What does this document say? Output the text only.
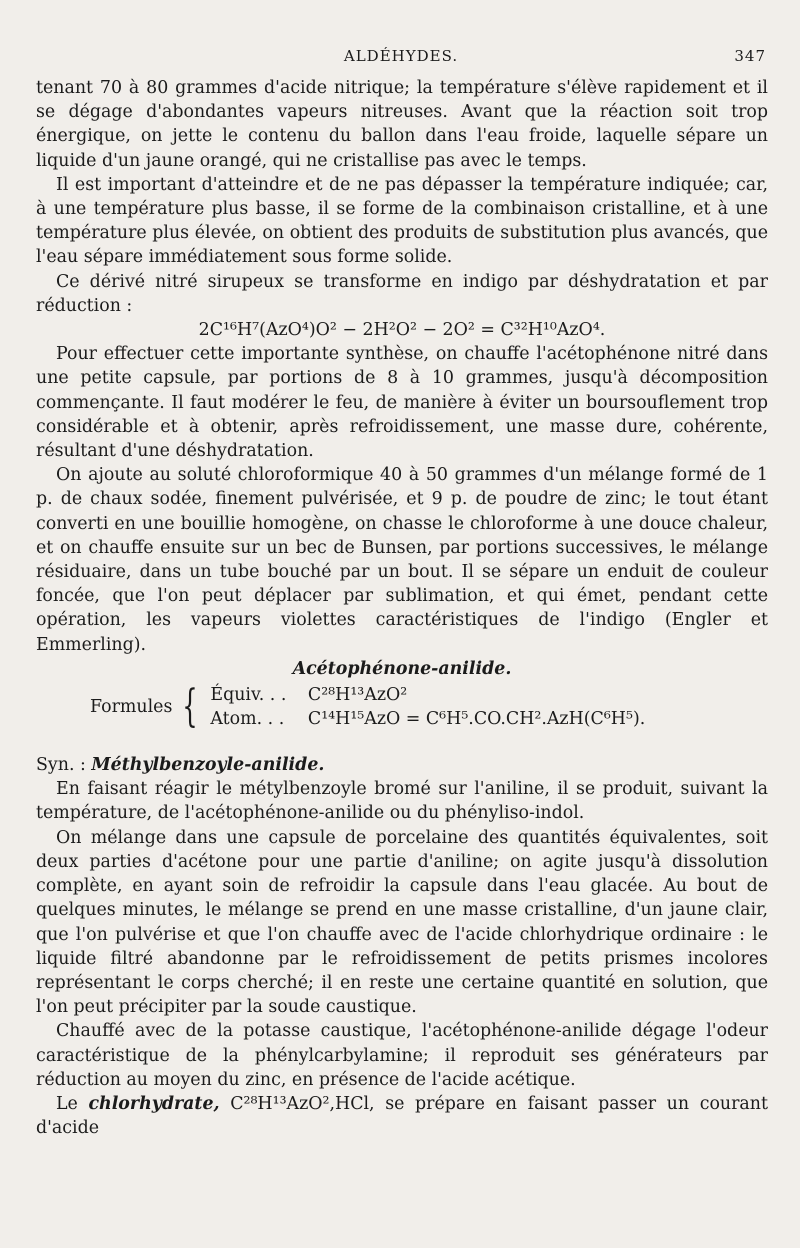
ALDÉHYDES.	347

tenant 70 à 80 grammes d'acide nitrique; la température s'élève rapidement et il se dégage d'abondantes vapeurs nitreuses. Avant que la réaction soit trop énergique, on jette le contenu du ballon dans l'eau froide, laquelle sépare un liquide d'un jaune orangé, qui ne cristallise pas avec le temps.

Il est important d'atteindre et de ne pas dépasser la température indiquée; car, à une température plus basse, il se forme de la combinaison cristalline, et à une température plus élevée, on obtient des produits de substitution plus avancés, que l'eau sépare immédiatement sous forme solide.

Ce dérivé nitré sirupeux se transforme en indigo par déshydratation et par réduction :

2C¹⁶H⁷(AzO⁴)O² − 2H²O² − 2O² = C³²H¹⁰AzO⁴.

Pour effectuer cette importante synthèse, on chauffe l'acétophénone nitré dans une petite capsule, par portions de 8 à 10 grammes, jusqu'à décomposition commençante. Il faut modérer le feu, de manière à éviter un boursouflement trop considérable et à obtenir, après refroidissement, une masse dure, cohérente, résultant d'une déshydratation.

On ajoute au soluté chloroformique 40 à 50 grammes d'un mélange formé de 1 p. de chaux sodée, finement pulvérisée, et 9 p. de poudre de zinc; le tout étant converti en une bouillie homogène, on chasse le chloroforme à une douce chaleur, et on chauffe ensuite sur un bec de Bunsen, par portions successives, le mélange résiduaire, dans un tube bouché par un bout. Il se sépare un enduit de couleur foncée, que l'on peut déplacer par sublimation, et qui émet, pendant cette opération, les vapeurs violettes caractéristiques de l'indigo (Engler et Emmerling).

Acétophénone-anilide.

Formules { Équiv. . . C²⁸H¹³AzO²
Atom. . . C¹⁴H¹⁵AzO = C⁶H⁵.CO.CH².AzH(C⁶H⁵).

Syn. : Méthylbenzoyle-anilide.

En faisant réagir le métylbenzoyle bromé sur l'aniline, il se produit, suivant la température, de l'acétophénone-anilide ou du phényliso-indol.

On mélange dans une capsule de porcelaine des quantités équivalentes, soit deux parties d'acétone pour une partie d'aniline; on agite jusqu'à dissolution complète, en ayant soin de refroidir la capsule dans l'eau glacée. Au bout de quelques minutes, le mélange se prend en une masse cristalline, d'un jaune clair, que l'on pulvérise et que l'on chauffe avec de l'acide chlorhydrique ordinaire : le liquide filtré abandonne par le refroidissement de petits prismes incolores représentant le corps cherché; il en reste une certaine quantité en solution, que l'on peut précipiter par la soude caustique.

Chauffé avec de la potasse caustique, l'acétophénone-anilide dégage l'odeur caractéristique de la phénylcarbylamine; il reproduit ses générateurs par réduction au moyen du zinc, en présence de l'acide acétique.

Le chlorhydrate, C²⁸H¹³AzO²,HCl, se prépare en faisant passer un courant d'acide
